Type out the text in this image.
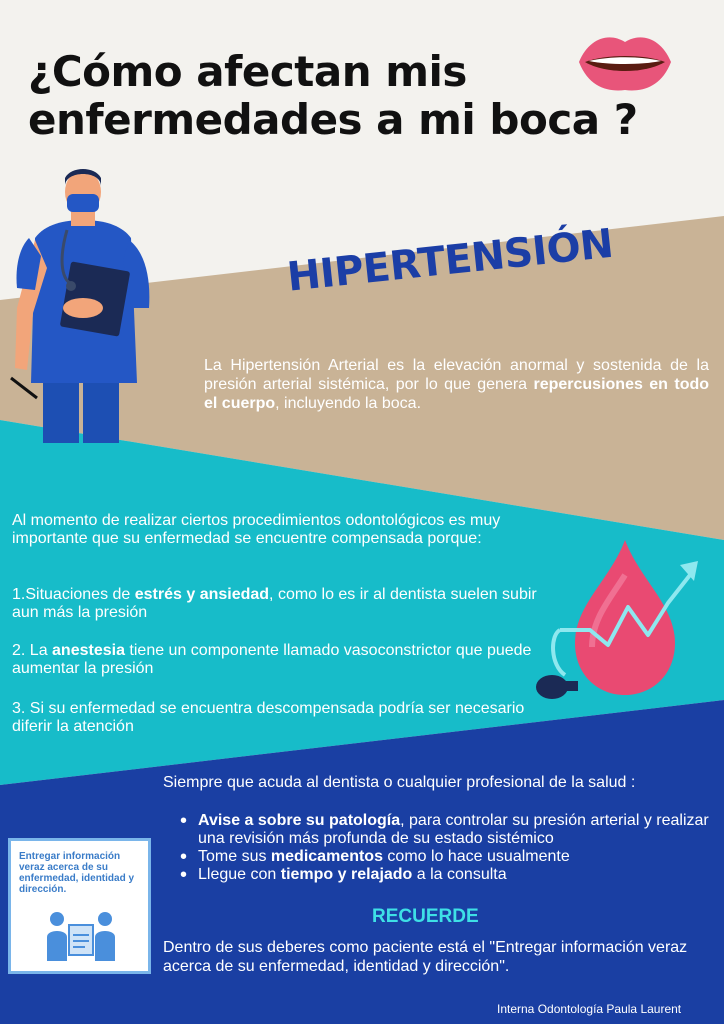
¿Cómo afectan mis enfermedades a mi boca ?
HIPERTENSIÓN
La Hipertensión Arterial es la elevación anormal y sostenida de la presión arterial sistémica, por lo que genera repercusiones en todo el cuerpo, incluyendo la boca.
Al momento de realizar ciertos procedimientos odontológicos es muy importante que su enfermedad se encuentre compensada porque:
1.Situaciones de estrés y ansiedad, como lo es ir al dentista suelen subir aun más la presión
2. La anestesia tiene un componente llamado vasoconstrictor que puede aumentar la presión
3. Si su enfermedad se encuentra descompensada podría ser necesario diferir la atención
Siempre que acuda al dentista o cualquier profesional de la salud :
• Avise a sobre su patología, para controlar su presión arterial y realizar una revisión más profunda de su estado sistémico
• Tome sus medicamentos como lo hace usualmente
• Llegue con tiempo y relajado a la consulta
Entregar información veraz acerca de su enfermedad, identidad y dirección.
RECUERDE
Dentro de sus deberes como paciente está el "Entregar información veraz acerca de su enfermedad, identidad y dirección".
Interna Odontología Paula Laurent
